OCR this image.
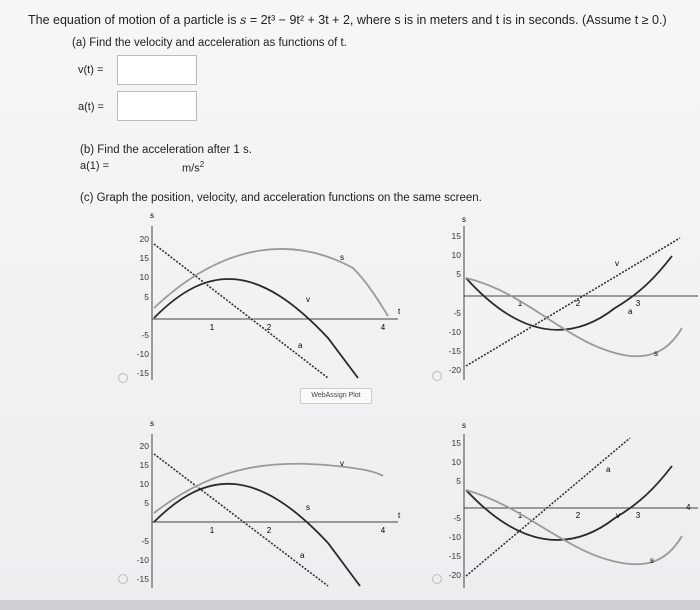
The equation of motion of a particle is s = 2t³ − 9t² + 3t + 2, where s is in meters and t is in seconds. (Assume t ≥ 0.)
(a) Find the velocity and acceleration as functions of t.
v(t) =
a(t) =
(b) Find the acceleration after 1 s.
a(1) =	$m/s^2$
(c) Graph the position, velocity, and acceleration functions on the same screen.
s
t
20
15
10
5
-5
-10
-15
1	2	4
s
v
a
s
15
10
5
-5
-10
-15
-20
1	2	3
v
a
s
WebAssign Plot
s
t
20
15
10
5
-5
-10
-15
1	2	4
v
s
a
s
4
15
10
5
-5
-10
-15
-20
1	2	3
a
v
s
